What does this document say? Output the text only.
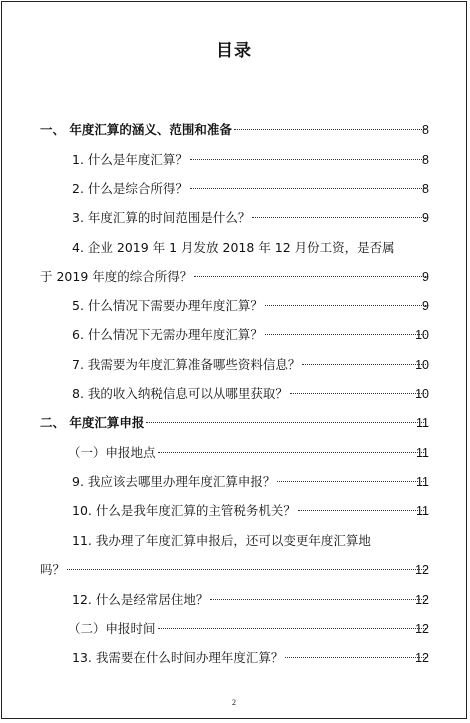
目录
一、 年度汇算的涵义、范围和准备	8
1. 什么是年度汇算？	8
2. 什么是综合所得？	8
3. 年度汇算的时间范围是什么？	9
4. 企业 2019 年 1 月发放 2018 年 12 月份工资，是否属
于 2019 年度的综合所得？	9
5. 什么情况下需要办理年度汇算？	9
6. 什么情况下无需办理年度汇算？	10
7. 我需要为年度汇算准备哪些资料信息？	10
8. 我的收入纳税信息可以从哪里获取？	10
二、 年度汇算申报	11
（一）申报地点	11
9. 我应该去哪里办理年度汇算申报？	11
10. 什么是我年度汇算的主管税务机关？	11
11. 我办理了年度汇算申报后，还可以变更年度汇算地
吗？	12
12. 什么是经常居住地？	12
（二）申报时间	12
13. 我需要在什么时间办理年度汇算？	12
2
